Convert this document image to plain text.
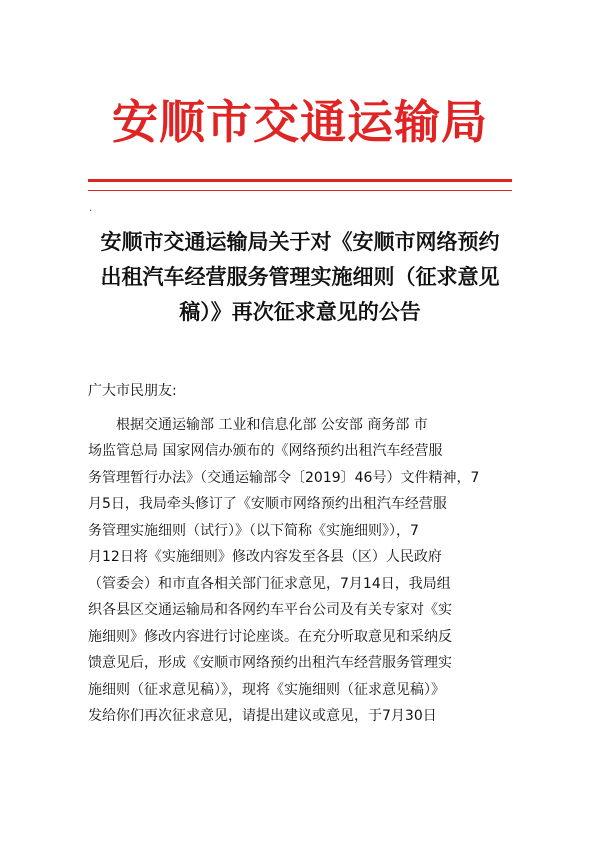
安顺市交通运输局
·
安顺市交通运输局关于对《安顺市网络预约
出租汽车经营服务管理实施细则（征求意见
稿）》再次征求意见的公告
广大市民朋友:
　　根据交通运输部 工业和信息化部 公安部 商务部 市
场监管总局 国家网信办颁布的《网络预约出租汽车经营服
务管理暂行办法》（交通运输部令〔2019〕46号）文件精神，7
月5日，我局牵头修订了《安顺市网络预约出租汽车经营服
务管理实施细则（试行）》（以下简称《实施细则》），7
月12日将《实施细则》修改内容发至各县（区）人民政府
（管委会）和市直各相关部门征求意见，7月14日，我局组
织各县区交通运输局和各网约车平台公司及有关专家对《实
施细则》修改内容进行讨论座谈。在充分听取意见和采纳反
馈意见后，形成《安顺市网络预约出租汽车经营服务管理实
施细则（征求意见稿）》，现将《实施细则（征求意见稿）》
发给你们再次征求意见，请提出建议或意见，于7月30日
